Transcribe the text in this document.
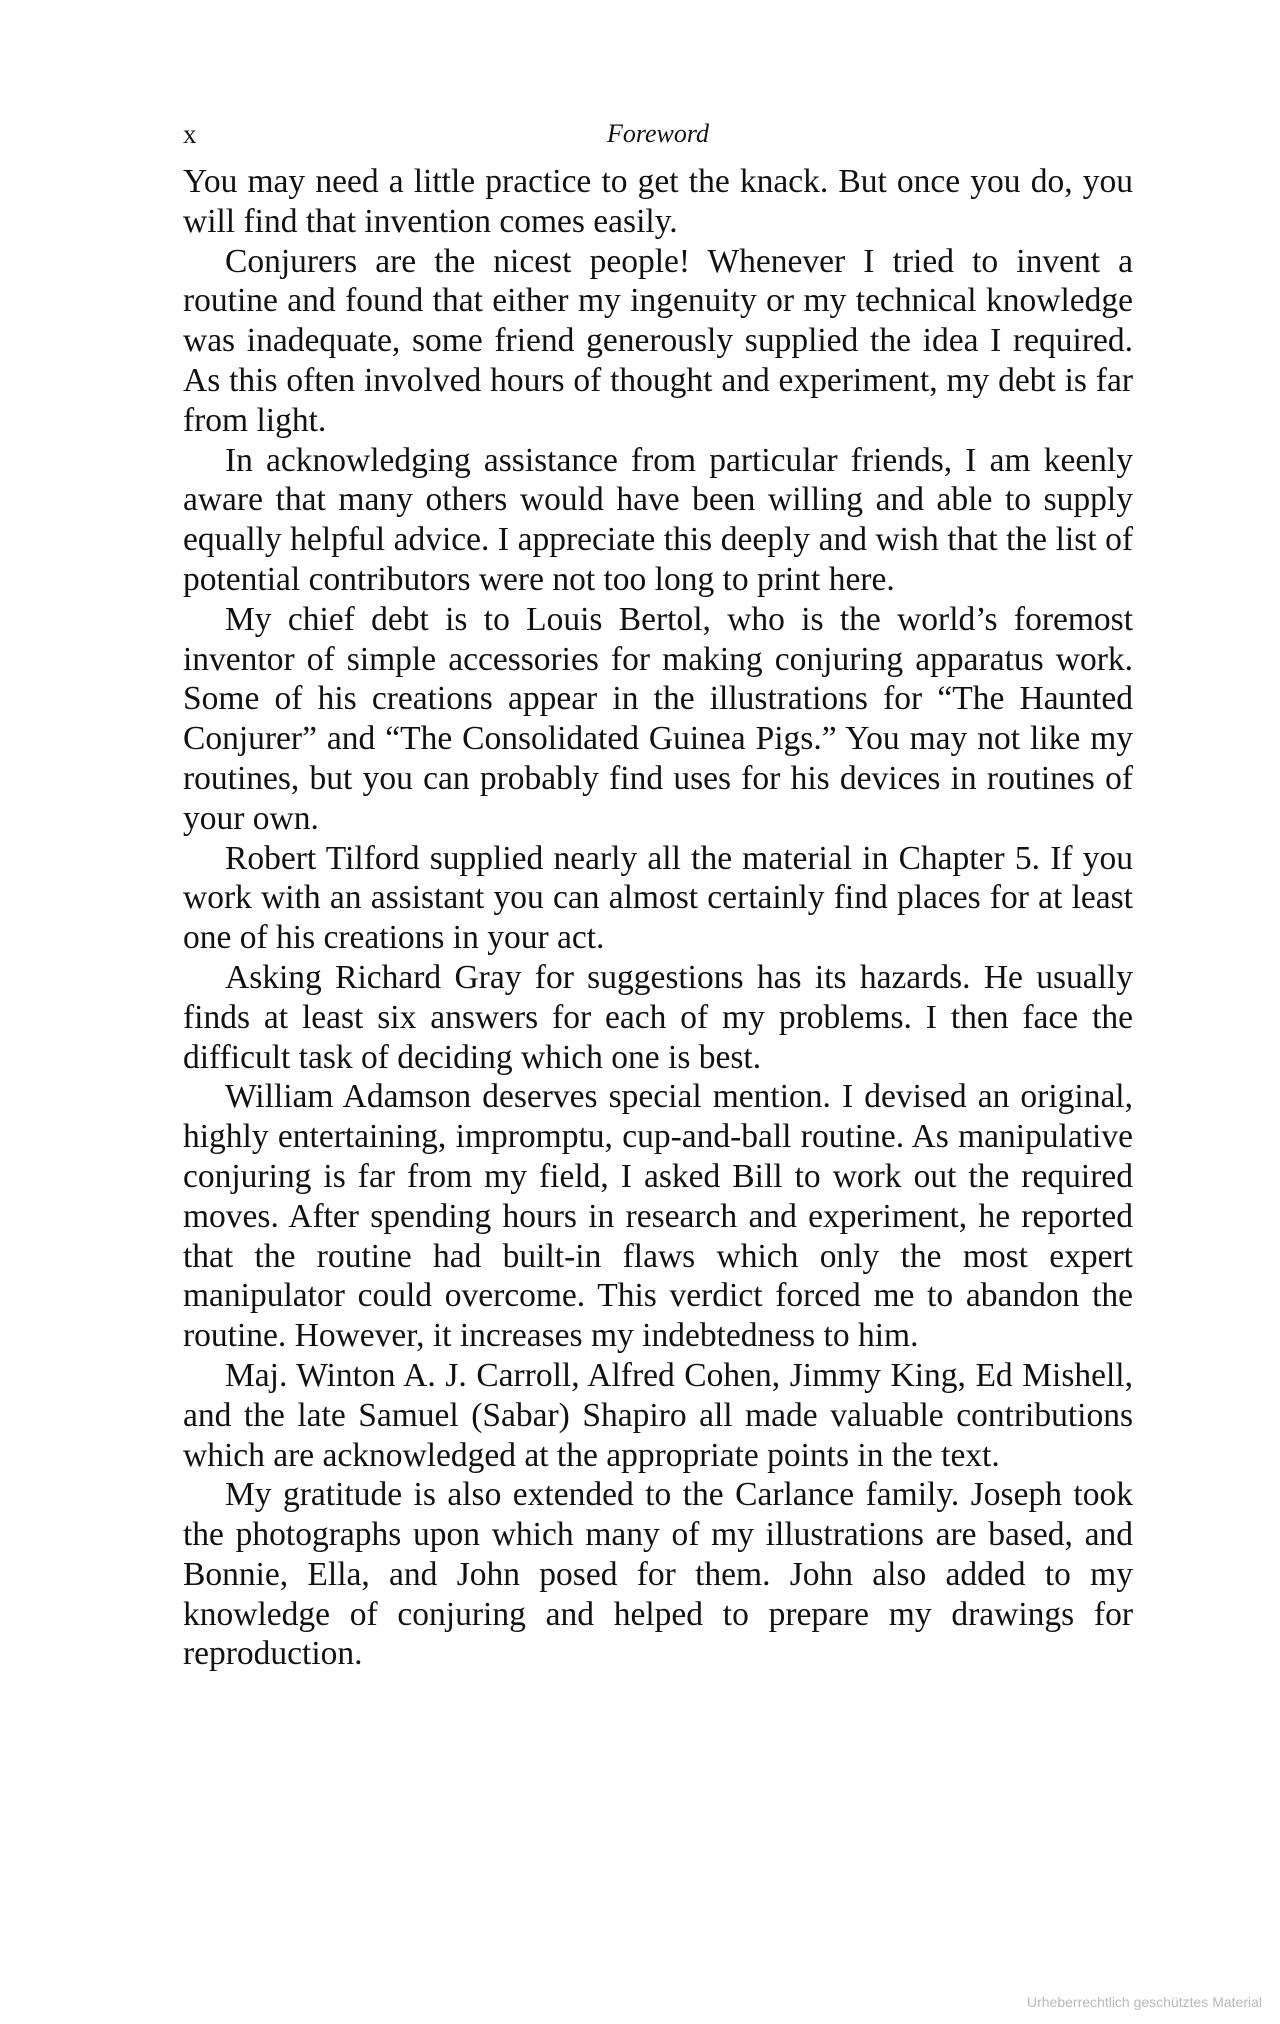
x	Foreword

You may need a little practice to get the knack. But once you do, you will find that invention comes easily.

Conjurers are the nicest people! Whenever I tried to invent a routine and found that either my ingenuity or my technical knowledge was inadequate, some friend generously supplied the idea I required. As this often involved hours of thought and experiment, my debt is far from light.

In acknowledging assistance from particular friends, I am keenly aware that many others would have been willing and able to supply equally helpful advice. I appreciate this deeply and wish that the list of potential contributors were not too long to print here.

My chief debt is to Louis Bertol, who is the world’s foremost inventor of simple accessories for making conjuring apparatus work. Some of his creations appear in the illustrations for “The Haunted Conjurer” and “The Consolidated Guinea Pigs.” You may not like my routines, but you can probably find uses for his devices in routines of your own.

Robert Tilford supplied nearly all the material in Chapter 5. If you work with an assistant you can almost certainly find places for at least one of his creations in your act.

Asking Richard Gray for suggestions has its hazards. He usually finds at least six answers for each of my problems. I then face the difficult task of deciding which one is best.

William Adamson deserves special mention. I devised an original, highly entertaining, impromptu, cup-and-ball routine. As manipulative conjuring is far from my field, I asked Bill to work out the required moves. After spending hours in research and experiment, he reported that the routine had built-in flaws which only the most expert manipulator could overcome. This verdict forced me to abandon the routine. However, it increases my indebtedness to him.

Maj. Winton A. J. Carroll, Alfred Cohen, Jimmy King, Ed Mishell, and the late Samuel (Sabar) Shapiro all made valuable contributions which are acknowledged at the appropriate points in the text.

My gratitude is also extended to the Carlance family. Joseph took the photographs upon which many of my illustrations are based, and Bonnie, Ella, and John posed for them. John also added to my knowledge of conjuring and helped to prepare my drawings for reproduction.

Urheberrechtlich geschütztes Material
